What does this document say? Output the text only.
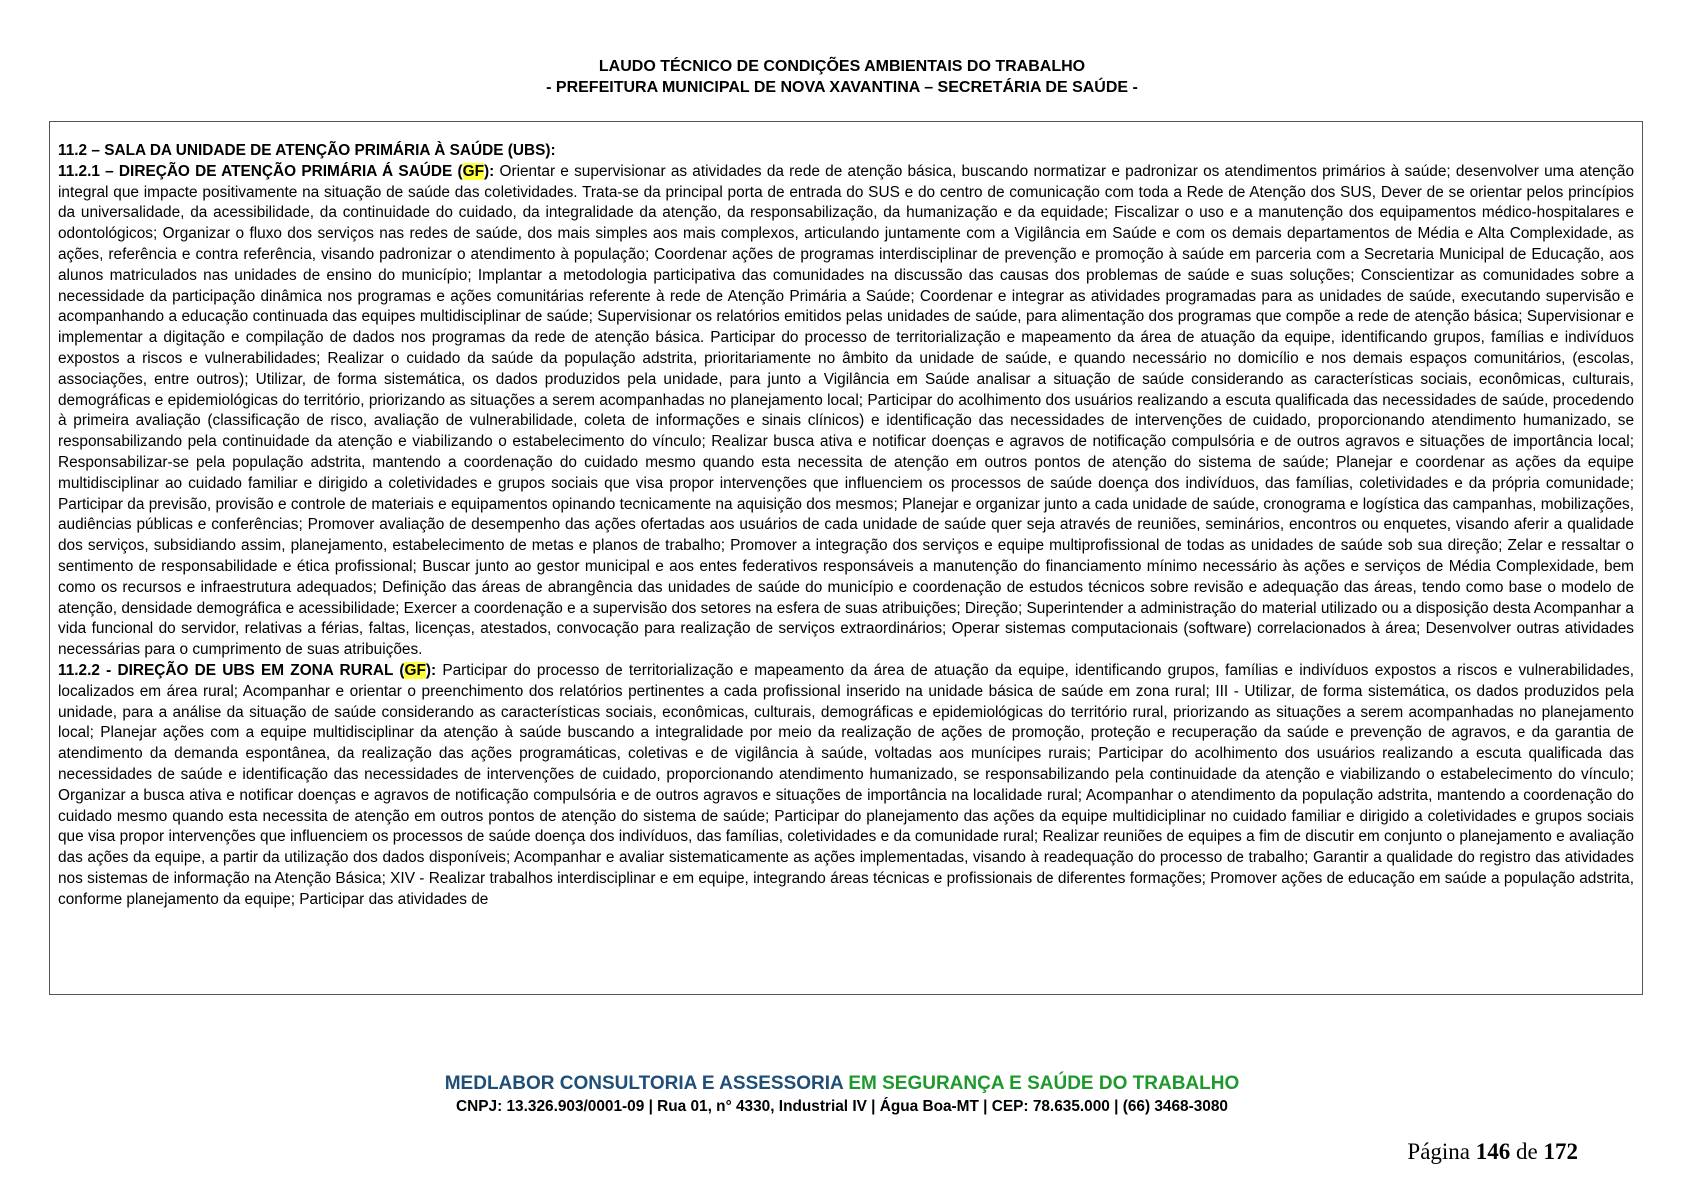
LAUDO TÉCNICO DE CONDIÇÕES AMBIENTAIS DO TRABALHO
- PREFEITURA MUNICIPAL DE NOVA XAVANTINA – SECRETÁRIA DE SAÚDE -

11.2 – SALA DA UNIDADE DE ATENÇÃO PRIMÁRIA À SAÚDE (UBS):

11.2.1 – DIREÇÃO DE ATENÇÃO PRIMÁRIA Á SAÚDE (GF): Orientar e supervisionar as atividades da rede de atenção básica, buscando normatizar e padronizar os atendimentos primários à saúde; desenvolver uma atenção integral que impacte positivamente na situação de saúde das coletividades. Trata-se da principal porta de entrada do SUS e do centro de comunicação com toda a Rede de Atenção dos SUS, Dever de se orientar pelos princípios da universalidade, da acessibilidade, da continuidade do cuidado, da integralidade da atenção, da responsabilização, da humanização e da equidade; Fiscalizar o uso e a manutenção dos equipamentos médico-hospitalares e odontológicos; Organizar o fluxo dos serviços nas redes de saúde, dos mais simples aos mais complexos, articulando juntamente com a Vigilância em Saúde e com os demais departamentos de Média e Alta Complexidade, as ações, referência e contra referência, visando padronizar o atendimento à população; Coordenar ações de programas interdisciplinar de prevenção e promoção à saúde em parceria com a Secretaria Municipal de Educação, aos alunos matriculados nas unidades de ensino do município; Implantar a metodologia participativa das comunidades na discussão das causas dos problemas de saúde e suas soluções; Conscientizar as comunidades sobre a necessidade da participação dinâmica nos programas e ações comunitárias referente à rede de Atenção Primária a Saúde; Coordenar e integrar as atividades programadas para as unidades de saúde, executando supervisão e acompanhando a educação continuada das equipes multidisciplinar de saúde; Supervisionar os relatórios emitidos pelas unidades de saúde, para alimentação dos programas que compõe a rede de atenção básica; Supervisionar e implementar a digitação e compilação de dados nos programas da rede de atenção básica. Participar do processo de territorialização e mapeamento da área de atuação da equipe, identificando grupos, famílias e indivíduos expostos a riscos e vulnerabilidades; Realizar o cuidado da saúde da população adstrita, prioritariamente no âmbito da unidade de saúde, e quando necessário no domicílio e nos demais espaços comunitários, (escolas, associações, entre outros); Utilizar, de forma sistemática, os dados produzidos pela unidade, para junto a Vigilância em Saúde analisar a situação de saúde considerando as características sociais, econômicas, culturais, demográficas e epidemiológicas do território, priorizando as situações a serem acompanhadas no planejamento local; Participar do acolhimento dos usuários realizando a escuta qualificada das necessidades de saúde, procedendo à primeira avaliação (classificação de risco, avaliação de vulnerabilidade, coleta de informações e sinais clínicos) e identificação das necessidades de intervenções de cuidado, proporcionando atendimento humanizado, se responsabilizando pela continuidade da atenção e viabilizando o estabelecimento do vínculo; Realizar busca ativa e notificar doenças e agravos de notificação compulsória e de outros agravos e situações de importância local; Responsabilizar-se pela população adstrita, mantendo a coordenação do cuidado mesmo quando esta necessita de atenção em outros pontos de atenção do sistema de saúde; Planejar e coordenar as ações da equipe multidisciplinar ao cuidado familiar e dirigido a coletividades e grupos sociais que visa propor intervenções que influenciem os processos de saúde doença dos indivíduos, das famílias, coletividades e da própria comunidade; Participar da previsão, provisão e controle de materiais e equipamentos opinando tecnicamente na aquisição dos mesmos; Planejar e organizar junto a cada unidade de saúde, cronograma e logística das campanhas, mobilizações, audiências públicas e conferências; Promover avaliação de desempenho das ações ofertadas aos usuários de cada unidade de saúde quer seja através de reuniões, seminários, encontros ou enquetes, visando aferir a qualidade dos serviços, subsidiando assim, planejamento, estabelecimento de metas e planos de trabalho; Promover a integração dos serviços e equipe multiprofissional de todas as unidades de saúde sob sua direção; Zelar e ressaltar o sentimento de responsabilidade e ética profissional; Buscar junto ao gestor municipal e aos entes federativos responsáveis a manutenção do financiamento mínimo necessário às ações e serviços de Média Complexidade, bem como os recursos e infraestrutura adequados; Definição das áreas de abrangência das unidades de saúde do município e coordenação de estudos técnicos sobre revisão e adequação das áreas, tendo como base o modelo de atenção, densidade demográfica e acessibilidade; Exercer a coordenação e a supervisão dos setores na esfera de suas atribuições; Direção; Superintender a administração do material utilizado ou a disposição desta Acompanhar a vida funcional do servidor, relativas a férias, faltas, licenças, atestados, convocação para realização de serviços extraordinários; Operar sistemas computacionais (software) correlacionados à área; Desenvolver outras atividades necessárias para o cumprimento de suas atribuições.

11.2.2 - DIREÇÃO DE UBS EM ZONA RURAL (GF): Participar do processo de territorialização e mapeamento da área de atuação da equipe, identificando grupos, famílias e indivíduos expostos a riscos e vulnerabilidades, localizados em área rural; Acompanhar e orientar o preenchimento dos relatórios pertinentes a cada profissional inserido na unidade básica de saúde em zona rural; III - Utilizar, de forma sistemática, os dados produzidos pela unidade, para a análise da situação de saúde considerando as características sociais, econômicas, culturais, demográficas e epidemiológicas do território rural, priorizando as situações a serem acompanhadas no planejamento local; Planejar ações com a equipe multidisciplinar da atenção à saúde buscando a integralidade por meio da realização de ações de promoção, proteção e recuperação da saúde e prevenção de agravos, e da garantia de atendimento da demanda espontânea, da realização das ações programáticas, coletivas e de vigilância à saúde, voltadas aos munícipes rurais; Participar do acolhimento dos usuários realizando a escuta qualificada das necessidades de saúde e identificação das necessidades de intervenções de cuidado, proporcionando atendimento humanizado, se responsabilizando pela continuidade da atenção e viabilizando o estabelecimento do vínculo; Organizar a busca ativa e notificar doenças e agravos de notificação compulsória e de outros agravos e situações de importância na localidade rural; Acompanhar o atendimento da população adstrita, mantendo a coordenação do cuidado mesmo quando esta necessita de atenção em outros pontos de atenção do sistema de saúde; Participar do planejamento das ações da equipe multidiciplinar no cuidado familiar e dirigido a coletividades e grupos sociais que visa propor intervenções que influenciem os processos de saúde doença dos indivíduos, das famílias, coletividades e da comunidade rural; Realizar reuniões de equipes a fim de discutir em conjunto o planejamento e avaliação das ações da equipe, a partir da utilização dos dados disponíveis; Acompanhar e avaliar sistematicamente as ações implementadas, visando à readequação do processo de trabalho; Garantir a qualidade do registro das atividades nos sistemas de informação na Atenção Básica; XIV - Realizar trabalhos interdisciplinar e em equipe, integrando áreas técnicas e profissionais de diferentes formações; Promover ações de educação em saúde a população adstrita, conforme planejamento da equipe; Participar das atividades de

MEDLABOR CONSULTORIA E ASSESSORIA EM SEGURANÇA E SAÚDE DO TRABALHO
CNPJ: 13.326.903/0001-09 | Rua 01, n° 4330, Industrial IV | Água Boa-MT | CEP: 78.635.000 | (66) 3468-3080
Página 146 de 172
